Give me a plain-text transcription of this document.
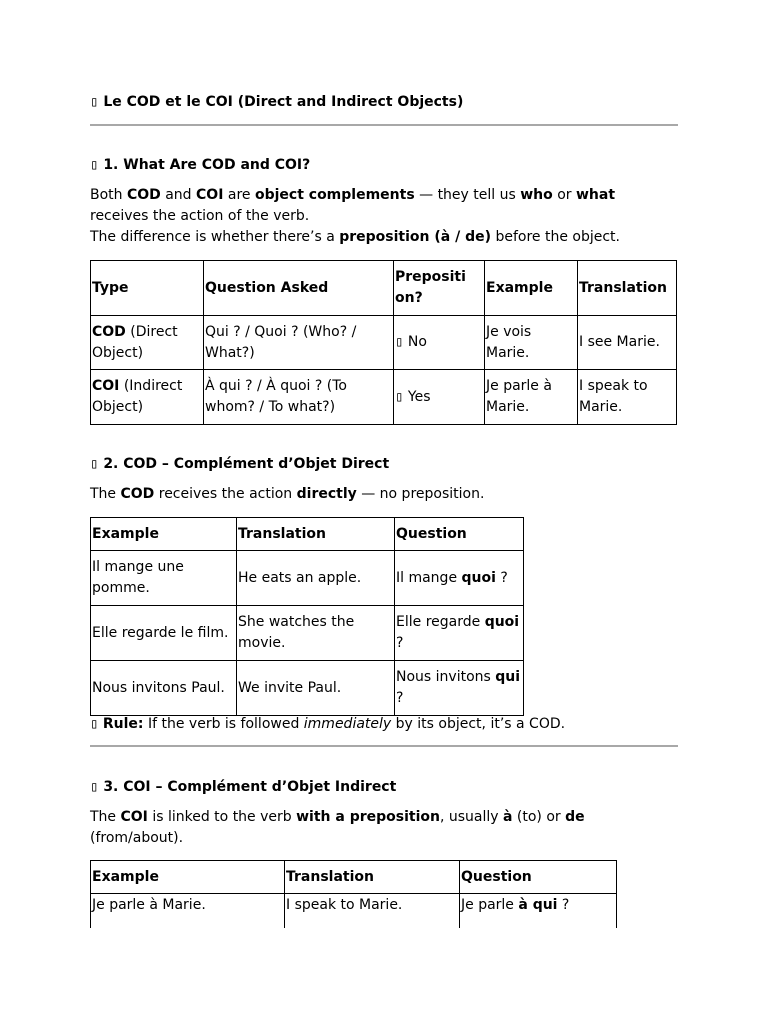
▯ Le COD et le COI (Direct and Indirect Objects)
▯ 1. What Are COD and COI?
Both COD and COI are object complements — they tell us who or what
receives the action of the verb.
The difference is whether there’s a preposition (à / de) before the object.
Type	Question Asked	Preposition?	Example	Translation
COD (Direct Object)	Qui ? / Quoi ? (Who? / What?)	▯ No	Je vois Marie.	I see Marie.
COI (Indirect Object)	À qui ? / À quoi ? (To whom? / To what?)	▯ Yes	Je parle à Marie.	I speak to Marie.
▯ 2. COD – Complément d’Objet Direct
The COD receives the action directly — no preposition.
Example	Translation	Question
Il mange une pomme.	He eats an apple.	Il mange quoi ?
Elle regarde le film.	She watches the movie.	Elle regarde quoi ?
Nous invitons Paul.	We invite Paul.	Nous invitons qui ?
▯ Rule: If the verb is followed immediately by its object, it’s a COD.
▯ 3. COI – Complément d’Objet Indirect
The COI is linked to the verb with a preposition, usually à (to) or de
(from/about).
Example	Translation	Question
Je parle à Marie.	I speak to Marie.	Je parle à qui ?
